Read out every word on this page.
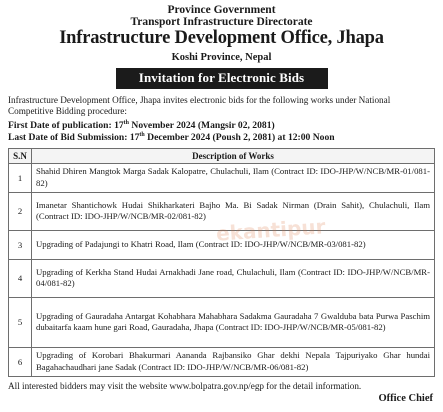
Province Government
Transport Infrastructure Directorate
Infrastructure Development Office, Jhapa
Koshi Province, Nepal
Invitation for Electronic Bids
Infrastructure Development Office, Jhapa invites electronic bids for the following works under National Competitive Bidding procedure:
First Date of publication: 17th November 2024 (Mangsir 02, 2081)
Last Date of Bid Submission: 17th December 2024 (Poush 2, 2081) at 12:00 Noon
S.N	Description of Works
1	Shahid Dhiren Mangtok Marga Sadak Kalopatre, Chulachuli, Ilam (Contract ID: IDO-JHP/W/NCB/MR-01/081-82)
2	Imanetar Shantichowk Hudai Shikharkateri Bajho Ma. Bi Sadak Nirman (Drain Sahit), Chulachuli, Ilam (Contract ID: IDO-JHP/W/NCB/MR-02/081-82)
3	Upgrading of Padajungi to Khatri Road, Ilam (Contract ID: IDO-JHP/W/NCB/MR-03/081-82)
4	Upgrading of Kerkha Stand Hudai Arnakhadi Jane road, Chulachuli, Ilam (Contract ID: IDO-JHP/W/NCB/MR-04/081-82)
5	Upgrading of Gauradaha Antargat Kohabhara Mahabhara Sadakma Gauradaha 7 Gwalduba bata Purwa Paschim dubaitarfa kaam hune gari Road, Gauradaha, Jhapa (Contract ID: IDO-JHP/W/NCB/MR-05/081-82)
6	Upgrading of Korobari Bhakurmari Aananda Rajbansiko Ghar dekhi Nepala Tajpuriyako Ghar hundai Bagahachaudhari jane Sadak (Contract ID: IDO-JHP/W/NCB/MR-06/081-82)
All interested bidders may visit the website www.bolpatra.gov.np/egp for the detail information.
Office Chief
ekantipur
